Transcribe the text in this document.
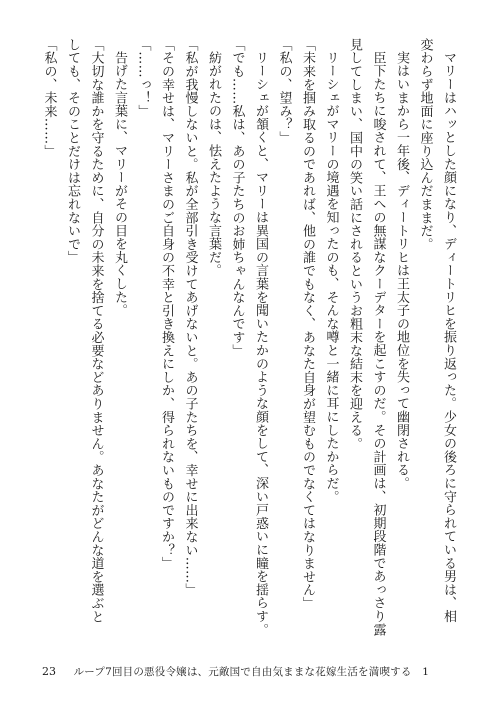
マリーはハッとした顔になり、ディートリヒを振り返った。少女の後ろに守られている男は、相

変わらず地面に座り込んだままだ。

実はいまから一年後、ディートリヒは王太子の地位を失って幽閉される。

臣下たちに唆されて、王への無謀なクーデターを起こすのだ。その計画は、初期段階であっさり露

見してしまい、国中の笑い話にされるというお粗末な結末を迎える。

リーシェがマリーの境遇を知ったのも、そんな噂と一緒に耳にしたからだ。

「未来を掴み取るのであれば、他の誰でもなく、あなた自身が望むものでなくてはなりません」

「私の、望み？」

リーシェが頷くと、マリーは異国の言葉を聞いたかのような顔をして、深い戸惑いに瞳を揺らす。

「でも……私は、あの子たちのお姉ちゃんなんです」

紡がれたのは、怯えたような言葉だ。

「私が我慢しないと。私が全部引き受けてあげないと。あの子たちを、幸せに出来ない……」

「その幸せは、マリーさまのご自身の不幸と引き換えにしか、得られないものですか？」

「……っ！」

告げた言葉に、マリーがその目を丸くした。

「大切な誰かを守るために、自分の未来を捨てる必要などありません。あなたがどんな道を選ぶと

しても、そのことだけは忘れないで」

「私の、未来……」

23 ループ7回目の悪役令嬢は、元敵国で自由気ままな花嫁生活を満喫する　1
